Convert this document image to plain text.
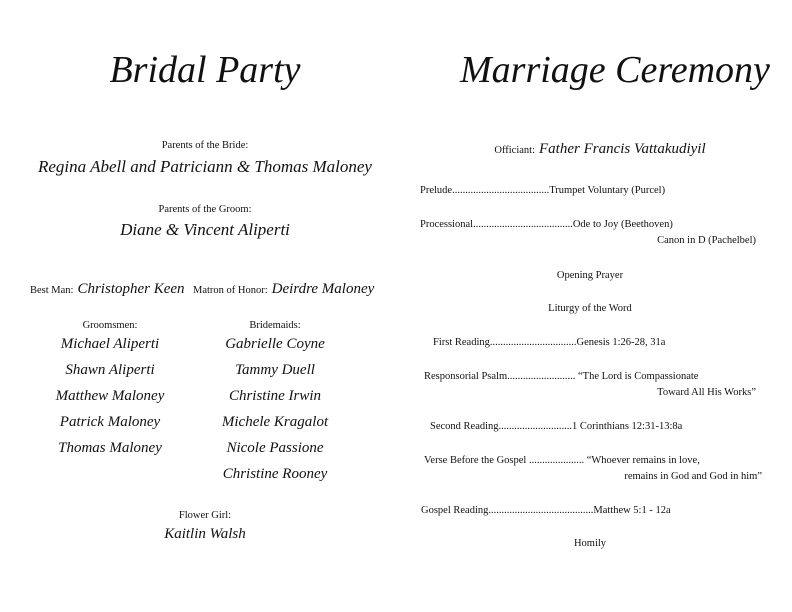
Bridal Party
Parents of the Bride:
Regina Abell and Patriciann & Thomas Maloney
Parents of the Groom:
Diane & Vincent Aliperti
Best Man: Christopher Keen Matron of Honor: Deirdre Maloney
Groomsmen:
Michael Aliperti
Shawn Aliperti
Matthew Maloney
Patrick Maloney
Thomas Maloney
Bridemaids:
Gabrielle Coyne
Tammy Duell
Christine Irwin
Michele Kragalot
Nicole Passione
Christine Rooney
Flower Girl:
Kaitlin Walsh
Marriage Ceremony
Officiant: Father Francis Vattakudiyil
Prelude.....................................Trumpet Voluntary (Purcel)
Processional......................................Ode to Joy (Beethoven)
Canon in D (Pachelbel)
Opening Prayer
Liturgy of the Word
First Reading.................................Genesis 1:26-28, 31a
Responsorial Psalm.......................... “The Lord is Compassionate
Toward All His Works”
Second Reading............................1 Corinthians 12:31-13:8a
Verse Before the Gospel ..................... “Whoever remains in love,
remains in God and God in him”
Gospel Reading........................................Matthew 5:1 - 12a
Homily
